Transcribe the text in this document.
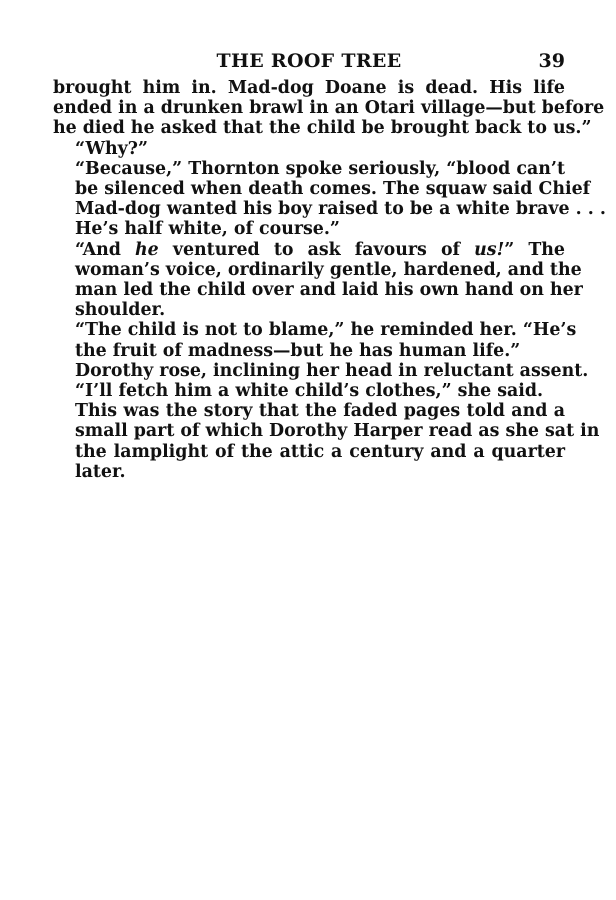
THE ROOF TREE	39

brought him in. Mad-dog Doane is dead. His life
ended in a drunken brawl in an Otari village—but before
he died he asked that the child be brought back to us.”

“Why?”

“Because,” Thornton spoke seriously, “blood can’t
be silenced when death comes. The squaw said Chief
Mad-dog wanted his boy raised to be a white brave . . .
He’s half white, of course.”

“And he ventured to ask favours of us!” The
woman’s voice, ordinarily gentle, hardened, and the
man led the child over and laid his own hand on her
shoulder.

“The child is not to blame,” he reminded her. “He’s
the fruit of madness—but he has human life.”

Dorothy rose, inclining her head in reluctant assent.

“I’ll fetch him a white child’s clothes,” she said.

This was the story that the faded pages told and a
small part of which Dorothy Harper read as she sat in
the lamplight of the attic a century and a quarter
later.
